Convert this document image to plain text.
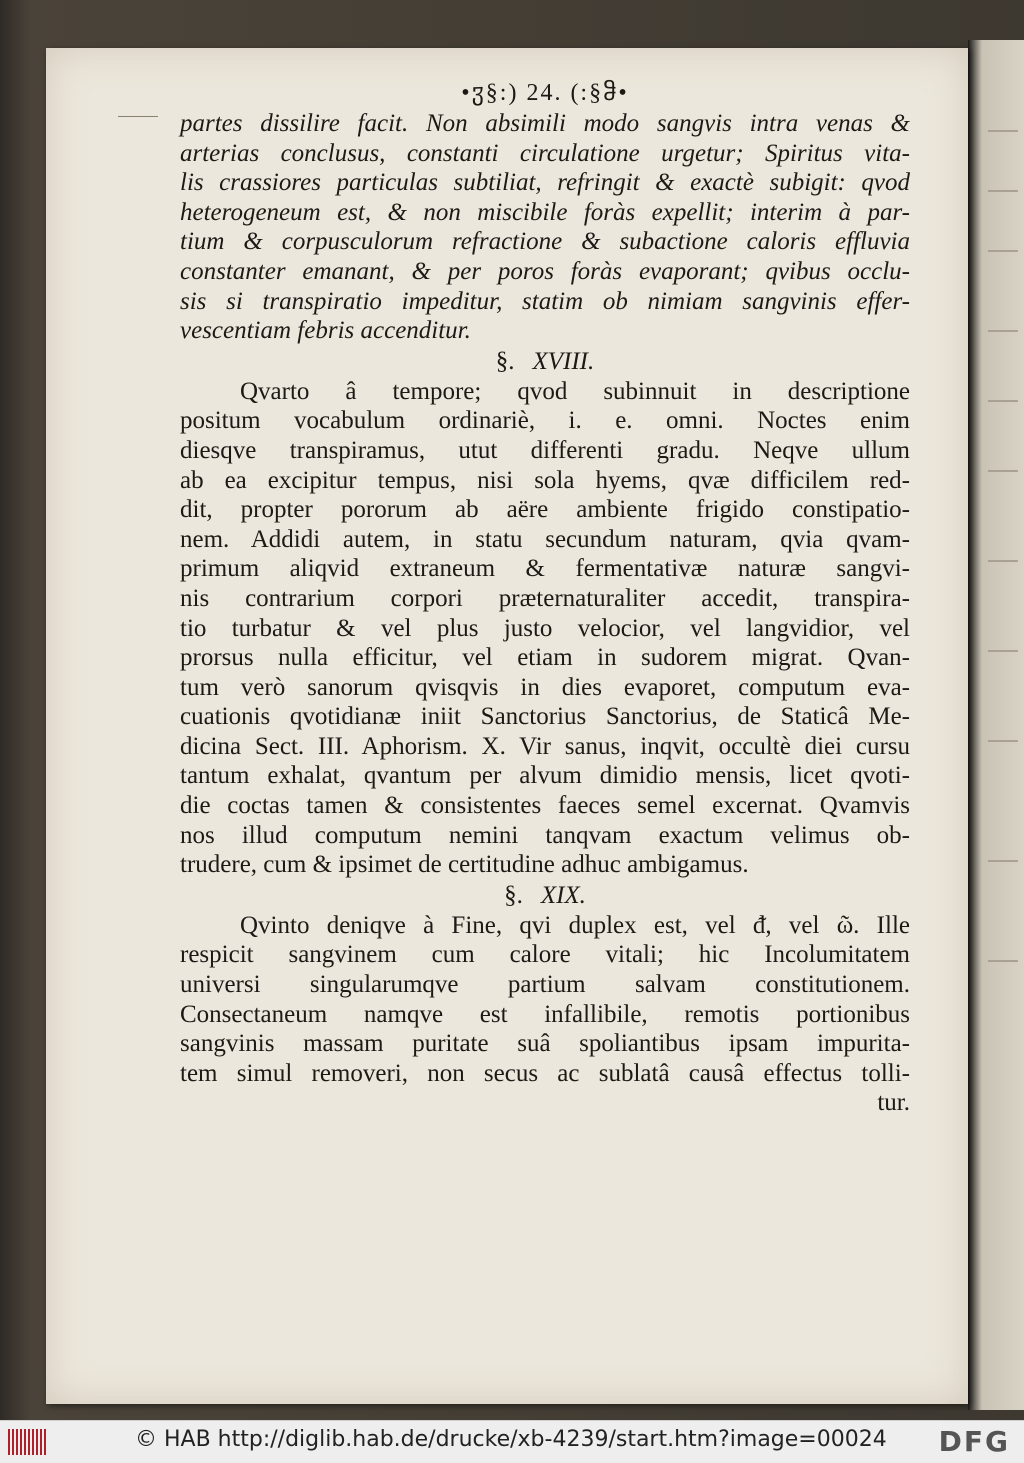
•ჳ§:) 24. (:§ჵ•
partes dissilire facit. Non absimili modo sangvis intra venas &
arterias conclusus, constanti circulatione urgetur; Spiritus vita-
lis crassiores particulas subtiliat, refringit & exactè subigit: qvod
heterogeneum est, & non miscibile foràs expellit; interim à par-
tium & corpusculorum refractione & subactione caloris effluvia
constanter emanant, & per poros foràs evaporant; qvibus occlu-
sis si transpiratio impeditur, statim ob nimiam sangvinis effer-
vescentiam febris accenditur.
§. XVIII.
Qvarto â tempore; qvod subinnuit in descriptione
positum vocabulum ordinariè, i. e. omni. Noctes enim
diesqve transpiramus, utut differenti gradu. Neqve ullum
ab ea excipitur tempus, nisi sola hyems, qvæ difficilem red-
dit, propter pororum ab aëre ambiente frigido constipatio-
nem. Addidi autem, in statu secundum naturam, qvia qvam-
primum aliqvid extraneum & fermentativæ naturæ sangvi-
nis contrarium corpori præternaturaliter accedit, transpira-
tio turbatur & vel plus justo velocior, vel langvidior, vel
prorsus nulla efficitur, vel etiam in sudorem migrat. Qvan-
tum verò sanorum qvisqvis in dies evaporet, computum eva-
cuationis qvotidianæ iniit Sanctorius Sanctorius, de Staticâ Me-
dicina Sect. III. Aphorism. X. Vir sanus, inqvit, occultè diei cursu
tantum exhalat, qvantum per alvum dimidio mensis, licet qvoti-
die coctas tamen & consistentes faeces semel excernat. Qvamvis
nos illud computum nemini tanqvam exactum velimus ob-
trudere, cum & ipsimet de certitudine adhuc ambigamus.
§. XIX.
Qvinto deniqve à Fine, qvi duplex est, vel ᵭ, vel ῶ. Ille
respicit sangvinem cum calore vitali; hic Incolumitatem
universi singularumqve partium salvam constitutionem.
Consectaneum namqve est infallibile, remotis portionibus
sangvinis massam puritate suâ spoliantibus ipsam impurita-
tem simul removeri, non secus ac sublatâ causâ effectus tolli-
tur.
© HAB http://diglib.hab.de/drucke/xb-4239/start.htm?image=00024 DFG
